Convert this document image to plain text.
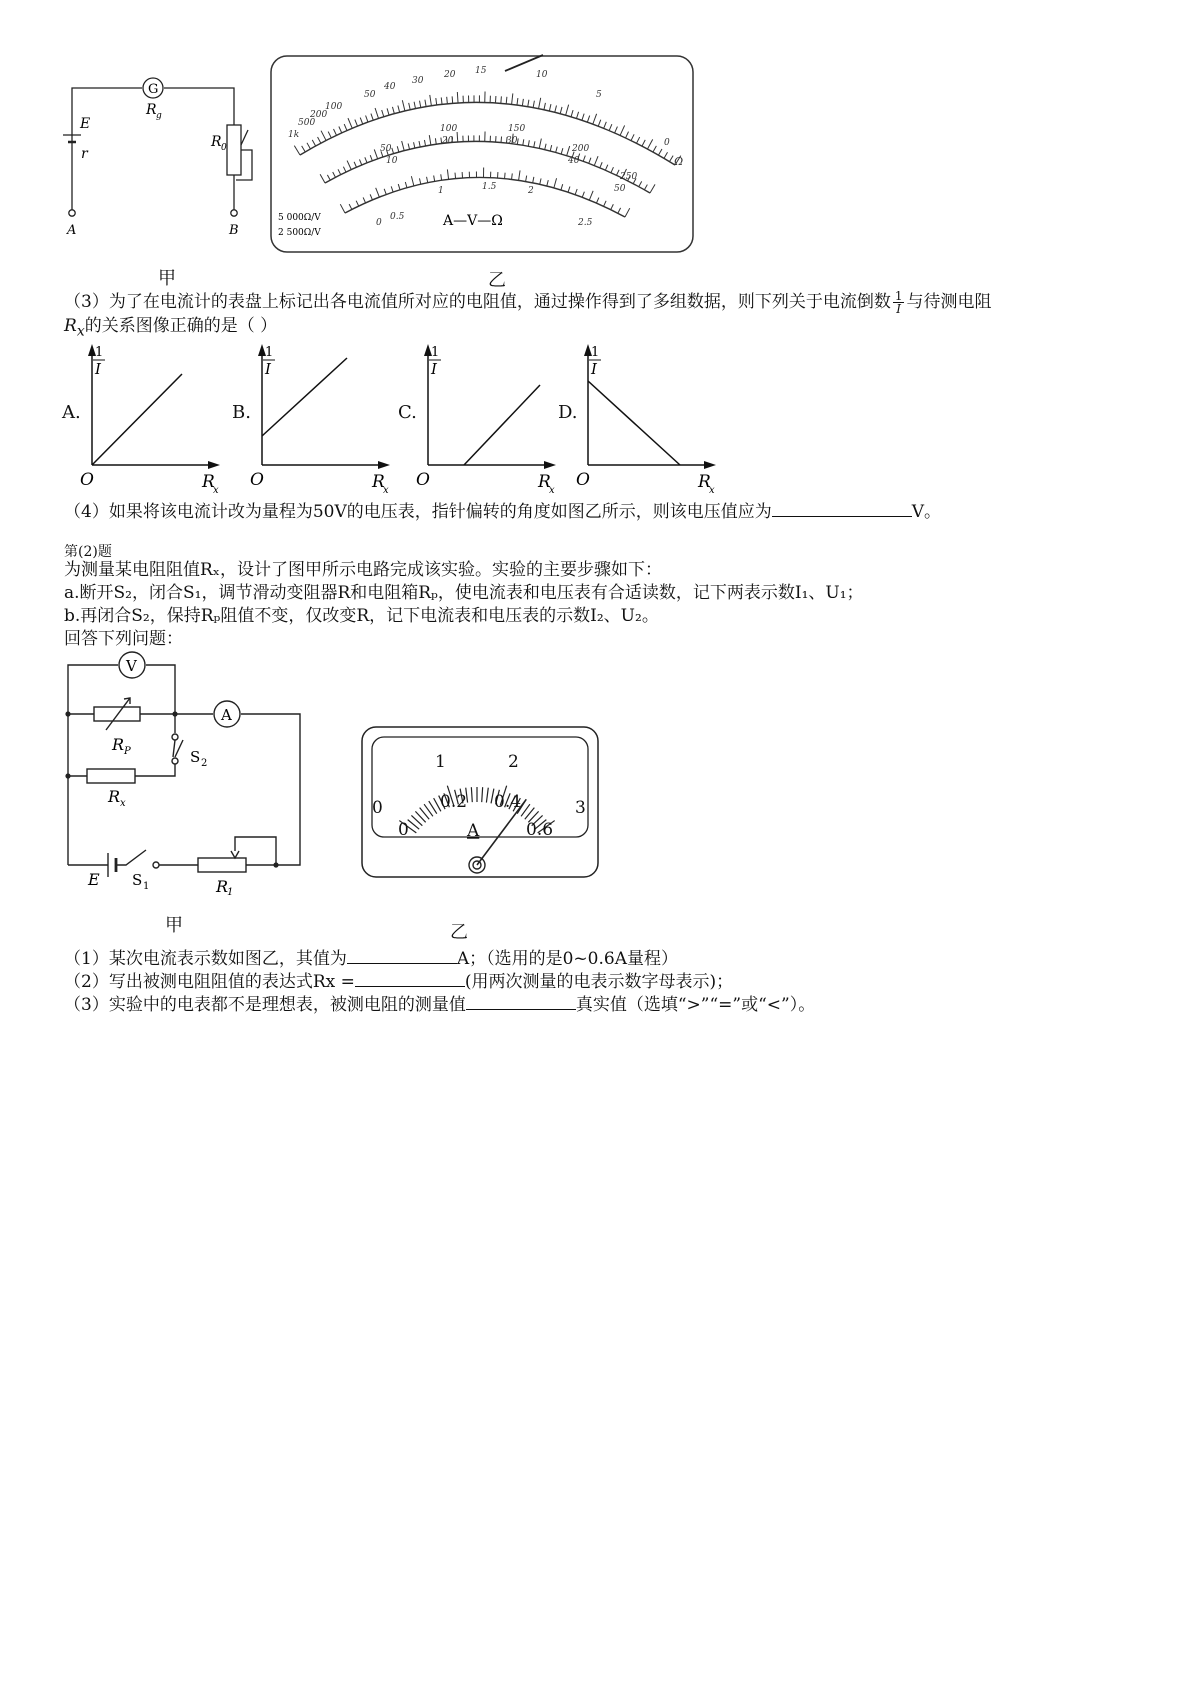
G
R g
E
r
R 0
A	B
甲
1k
500
200
100
50
40
30
20 15	10
5
0
Ω
50
100	150
200
250
10
20	30
40
50
0
0.5
1	1.5	2
2.5
A—V—Ω
5 000Ω/V
2 500Ω/V
乙
（3）为了在电流计的表盘上标记出各电流值所对应的电阻值，通过操作得到了多组数据，则下列关于电流倒数 $\frac{1}{I}$ 与待测电阻
$R_x$的关系图像正确的是（ ）
A.
1
I
O	R
x
B.
1
I
O	R
x
C.
1
I
O	R
x
D.
1
I
O	R
x
（4）如果将该电流计改为量程为50V的电压表，指针偏转的角度如图乙所示，则该电压值应为	V。
第(2)题
为测量某电阻阻值Rₓ，设计了图甲所示电路完成该实验。实验的主要步骤如下：
a.断开S₂，闭合S₁，调节滑动变阻器R和电阻箱Rₚ，使电流表和电压表有合适读数，记下两表示数I₁、U₁；
b.再闭合S₂，保持Rₚ阻值不变，仅改变R，记下电流表和电压表的示数I₂、U₂。
回答下列问题：
V
A
R P	S 2
R x
E S 1	R
1
甲
0
1	2
3
0
0.2 0.4
0.6
A
乙
（1）某次电流表示数如图乙，其值为	A；（选用的是0~0.6A量程）
（2）写出被测电阻阻值的表达式Rx =	(用两次测量的电表示数字母表示)；
（3）实验中的电表都不是理想表，被测电阻的测量值	真实值（选填“>”“=”或“<”）。
